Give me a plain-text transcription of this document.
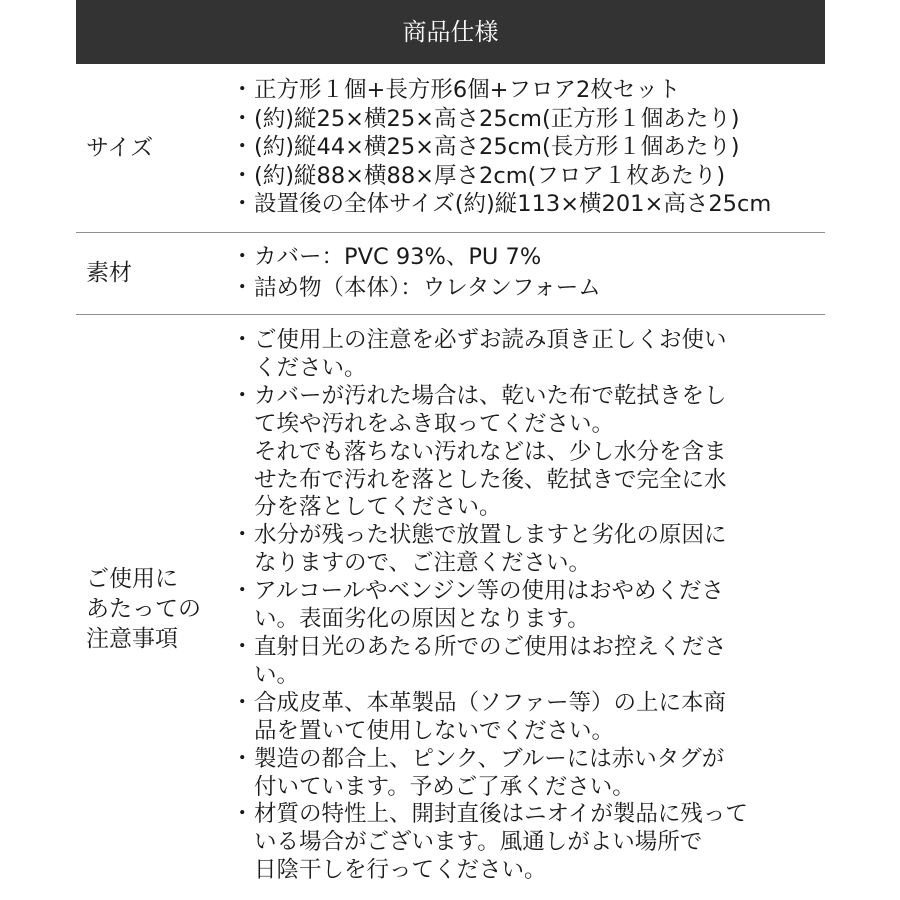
商品仕様
サイズ
・ 正方形１個+長方形6個+フロア2枚セット
・ (約)縦25×横25×高さ25cm(正方形１個あたり)
・ (約)縦44×横25×高さ25cm(長方形１個あたり)
・ (約)縦88×横88×厚さ2cm(フロア１枚あたり)
・ 設置後の全体サイズ(約)縦113×横201×高さ25cm
素材
・ カバー：PVC 93%、PU 7%
・ 詰め物（本体）：ウレタンフォーム
ご使用に
あたっての
注意事項
・ ご使用上の注意を必ずお読み頂き正しくお使い
ください。
・ カバーが汚れた場合は、乾いた布で乾拭きをし
て埃や汚れをふき取ってください。
それでも落ちない汚れなどは、少し水分を含ま
せた布で汚れを落とした後、乾拭きで完全に水
分を落としてください。
・ 水分が残った状態で放置しますと劣化の原因に
なりますので、ご注意ください。
・ アルコールやベンジン等の使用はおやめくださ
い。表面劣化の原因となります。
・ 直射日光のあたる所でのご使用はお控えくださ
い。
・ 合成皮革、本革製品（ソファー等）の上に本商
品を置いて使用しないでください。
・ 製造の都合上、ピンク、ブルーには赤いタグが
付いています。予めご了承ください。
・ 材質の特性上、開封直後はニオイが製品に残って
いる場合がございます。風通しがよい場所で
日陰干しを行ってください。
